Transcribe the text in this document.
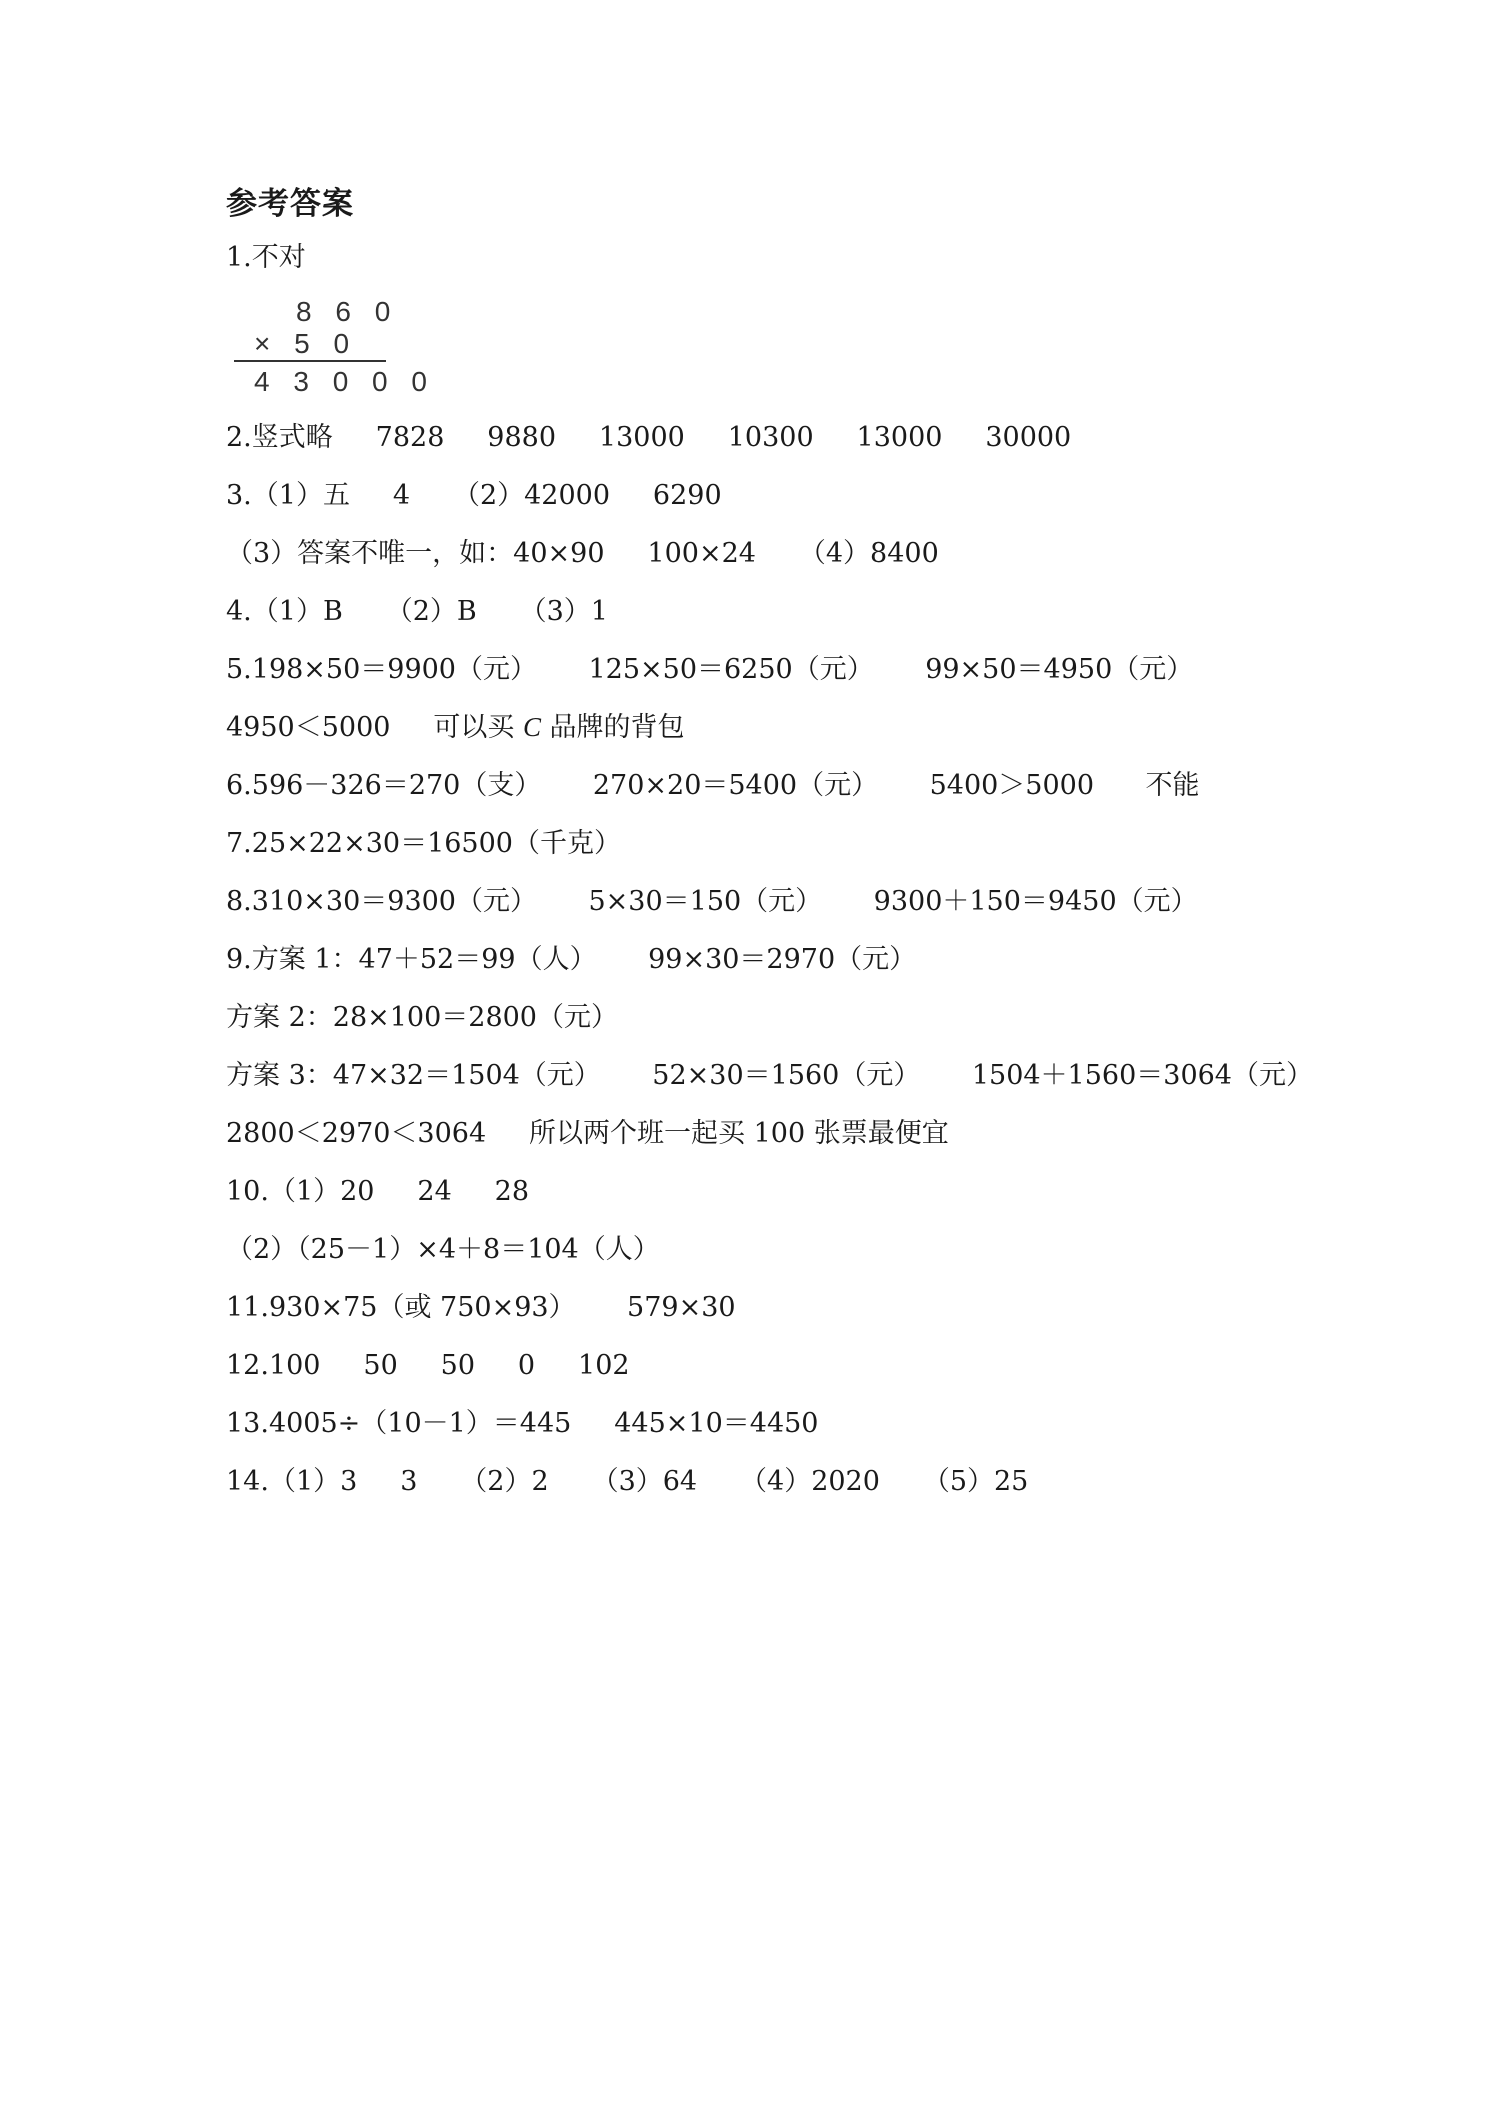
参考答案
1.不对
8 6 0
× 5 0
4 3 0 0 0
2.竖式略     7828     9880     13000     10300     13000     30000
3.（1）五     4     （2）42000     6290
（3）答案不唯一，如：40×90     100×24     （4）8400
4.（1）B     （2）B     （3）1
5.198×50＝9900（元）      125×50＝6250（元）      99×50＝4950（元）
4950＜5000     可以买 C 品牌的背包
6.596－326＝270（支）      270×20＝5400（元）      5400＞5000      不能
7.25×22×30＝16500（千克）
8.310×30＝9300（元）      5×30＝150（元）      9300＋150＝9450（元）
9.方案 1：47＋52＝99（人）      99×30＝2970（元）
方案 2：28×100＝2800（元）
方案 3：47×32＝1504（元）      52×30＝1560（元）      1504＋1560＝3064（元）
2800＜2970＜3064     所以两个班一起买 100 张票最便宜
10.（1）20     24     28
（2）（25－1）×4＋8＝104（人）
11.930×75（或 750×93）      579×30
12.100     50     50     0     102
13.4005÷（10－1）＝445     445×10＝4450
14.（1）3     3     （2）2     （3）64     （4）2020     （5）25
